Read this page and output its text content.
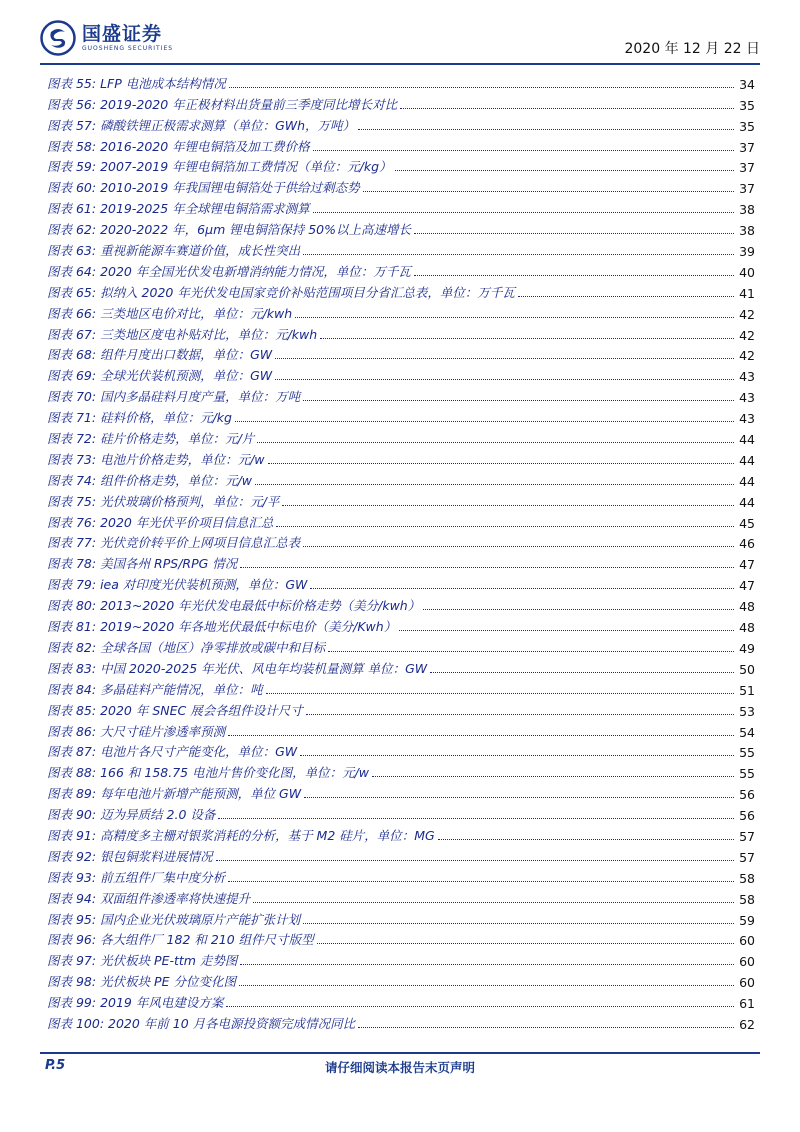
国盛证券
GUOSHENG SECURITIES	2020 年 12 月 22 日
图表 55: LFP 电池成本结构情况	34
图表 56: 2019-2020 年正极材料出货量前三季度同比增长对比	35
图表 57: 磷酸铁锂正极需求测算（单位：GWh，万吨）	35
图表 58: 2016-2020 年锂电铜箔及加工费价格	37
图表 59: 2007-2019 年锂电铜箔加工费情况（单位：元/kg）	37
图表 60: 2010-2019 年我国锂电铜箔处于供给过剩态势	37
图表 61: 2019-2025 年全球锂电铜箔需求测算	38
图表 62: 2020-2022 年，6μm 锂电铜箔保持 50%以上高速增长	38
图表 63: 重视新能源车赛道价值，成长性突出	39
图表 64: 2020 年全国光伏发电新增消纳能力情况，单位：万千瓦	40
图表 65: 拟纳入 2020 年光伏发电国家竞价补贴范围项目分省汇总表，单位：万千瓦	41
图表 66: 三类地区电价对比，单位：元/kwh	42
图表 67: 三类地区度电补贴对比，单位：元/kwh	42
图表 68: 组件月度出口数据，单位：GW	42
图表 69: 全球光伏装机预测，单位：GW	43
图表 70: 国内多晶硅料月度产量，单位：万吨	43
图表 71: 硅料价格，单位：元/kg	43
图表 72: 硅片价格走势，单位：元/片	44
图表 73: 电池片价格走势，单位：元/w	44
图表 74: 组件价格走势，单位：元/w	44
图表 75: 光伏玻璃价格预判，单位：元/平	44
图表 76: 2020 年光伏平价项目信息汇总	45
图表 77: 光伏竞价转平价上网项目信息汇总表	46
图表 78: 美国各州 RPS/RPG 情况	47
图表 79: iea 对印度光伏装机预测，单位：GW	47
图表 80: 2013~2020 年光伏发电最低中标价格走势（美分/kwh）	48
图表 81: 2019~2020 年各地光伏最低中标电价（美分/Kwh）	48
图表 82: 全球各国（地区）净零排放或碳中和目标	49
图表 83: 中国 2020-2025 年光伏、风电年均装机量测算 单位：GW	50
图表 84: 多晶硅料产能情况，单位：吨	51
图表 85: 2020 年 SNEC 展会各组件设计尺寸	53
图表 86: 大尺寸硅片渗透率预测	54
图表 87: 电池片各尺寸产能变化，单位：GW	55
图表 88: 166 和 158.75 电池片售价变化图，单位：元/w	55
图表 89: 每年电池片新增产能预测，单位 GW	56
图表 90: 迈为异质结 2.0 设备	56
图表 91: 高精度多主栅对银浆消耗的分析，基于 M2 硅片，单位：MG	57
图表 92: 银包铜浆料进展情况	57
图表 93: 前五组件厂集中度分析	58
图表 94: 双面组件渗透率将快速提升	58
图表 95: 国内企业光伏玻璃原片产能扩张计划	59
图表 96: 各大组件厂 182 和 210 组件尺寸版型	60
图表 97: 光伏板块 PE-ttm 走势图	60
图表 98: 光伏板块 PE 分位变化图	60
图表 99: 2019 年风电建设方案	61
图表 100: 2020 年前 10 月各电源投资额完成情况同比	62
P.5	请仔细阅读本报告末页声明
